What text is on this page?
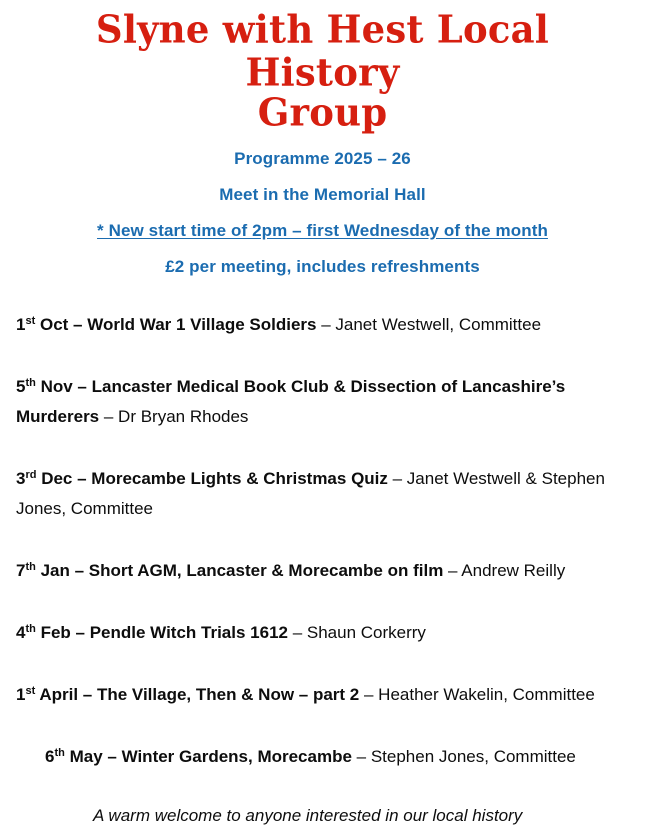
Slyne with Hest Local History
Group
Programme 2025 – 26
Meet in the Memorial Hall
* New start time of 2pm – first Wednesday of the month
£2 per meeting, includes refreshments

1st Oct – World War 1 Village Soldiers – Janet Westwell, Committee

5th Nov – Lancaster Medical Book Club & Dissection of Lancashire’s Murderers – Dr Bryan Rhodes

3rd Dec – Morecambe Lights & Christmas Quiz – Janet Westwell & Stephen Jones, Committee

7th Jan – Short AGM, Lancaster & Morecambe on film – Andrew Reilly

4th Feb – Pendle Witch Trials 1612 – Shaun Corkerry

1st April – The Village, Then & Now – part 2 – Heather Wakelin, Committee

6th May – Winter Gardens, Morecambe – Stephen Jones, Committee

A warm welcome to anyone interested in our local history
